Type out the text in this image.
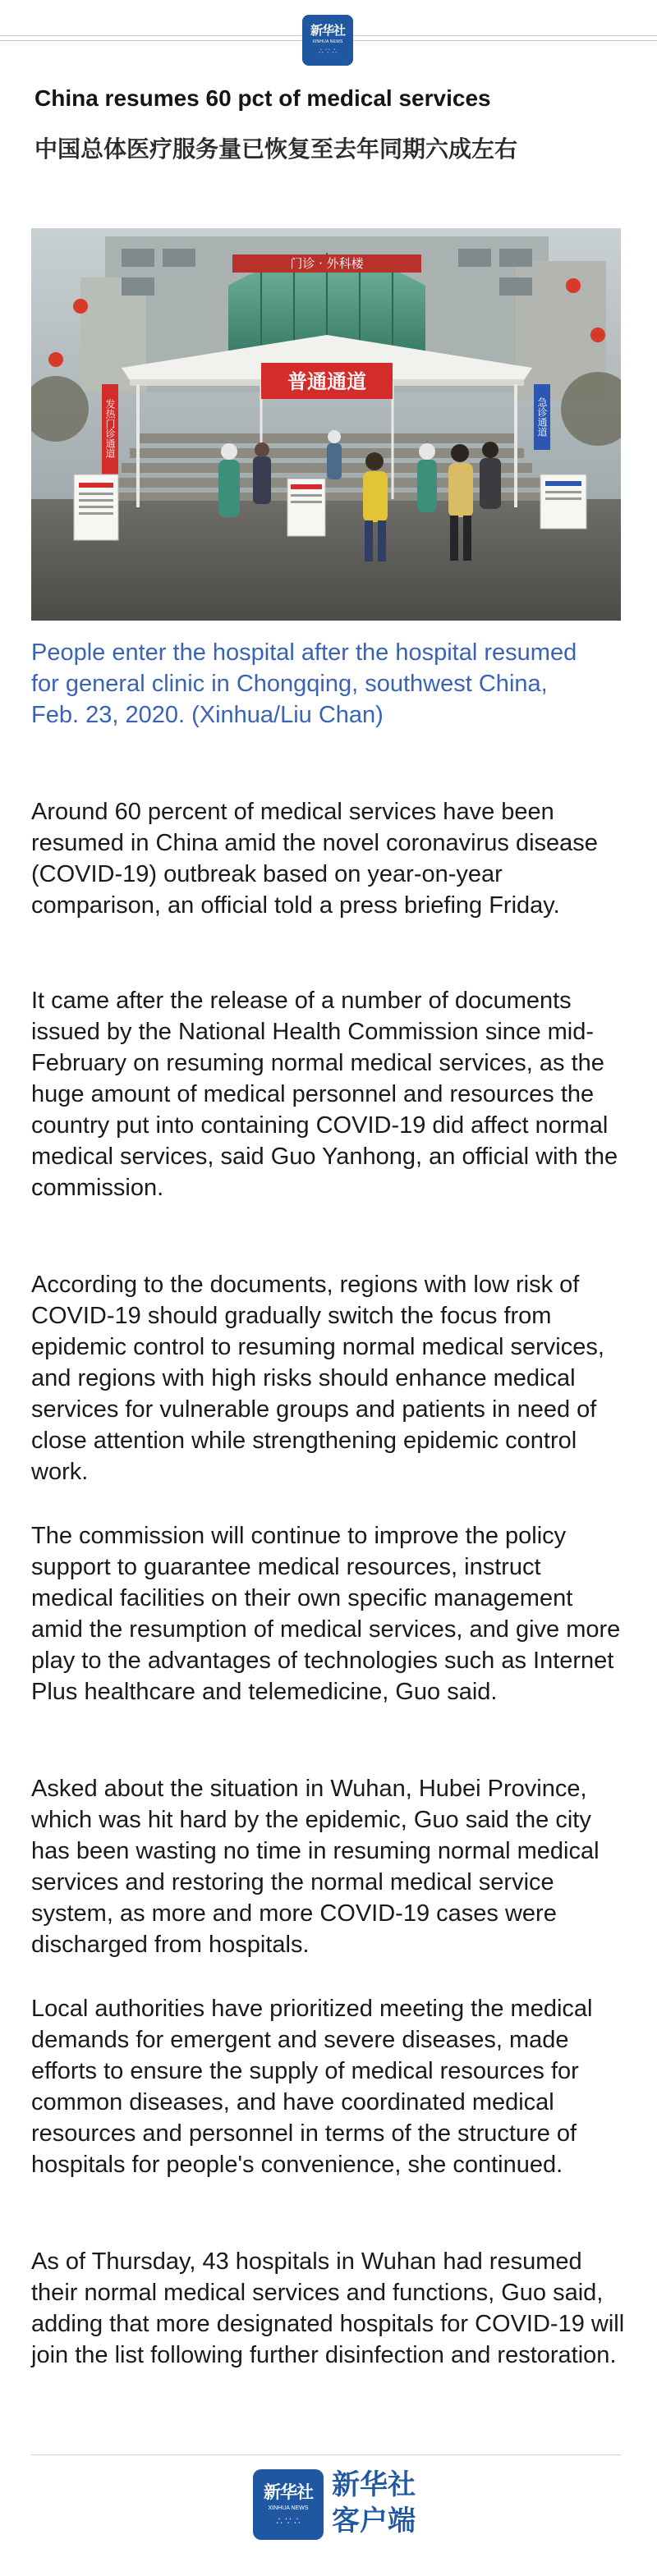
新华社
XINHUA NEWS
∴ ∵ ∴
China resumes 60 pct of medical services
中国总体医疗服务量已恢复至去年同期六成左右
门诊 · 外科楼
普通通道
发热门诊通道	急诊通道
People enter the hospital after the hospital resumed for general clinic in Chongqing, southwest China, Feb. 23, 2020. (Xinhua/Liu Chan)

Around 60 percent of medical services have been resumed in China amid the novel coronavirus disease (COVID-19) outbreak based on year-on-year comparison, an official told a press briefing Friday.

It came after the release of a number of documents issued by the National Health Commission since mid-February on resuming normal medical services, as the huge amount of medical personnel and resources the country put into containing COVID-19 did affect normal medical services, said Guo Yanhong, an official with the commission.

According to the documents, regions with low risk of COVID-19 should gradually switch the focus from epidemic control to resuming normal medical services, and regions with high risks should enhance medical services for vulnerable groups and patients in need of close attention while strengthening epidemic control work.

The commission will continue to improve the policy support to guarantee medical resources, instruct medical facilities on their own specific management amid the resumption of medical services, and give more play to the advantages of technologies such as Internet Plus healthcare and telemedicine, Guo said.

Asked about the situation in Wuhan, Hubei Province, which was hit hard by the epidemic, Guo said the city has been wasting no time in resuming normal medical services and restoring the normal medical service system, as more and more COVID-19 cases were discharged from hospitals.

Local authorities have prioritized meeting the medical demands for emergent and severe diseases, made efforts to ensure the supply of medical resources for common diseases, and have coordinated medical resources and personnel in terms of the structure of hospitals for people's convenience, she continued.

As of Thursday, 43 hospitals in Wuhan had resumed their normal medical services and functions, Guo said, adding that more designated hospitals for COVID-19 will join the list following further disinfection and restoration.

新华社
XINHUA NEWS
∴ ∵ ∴

新华社

客户端
